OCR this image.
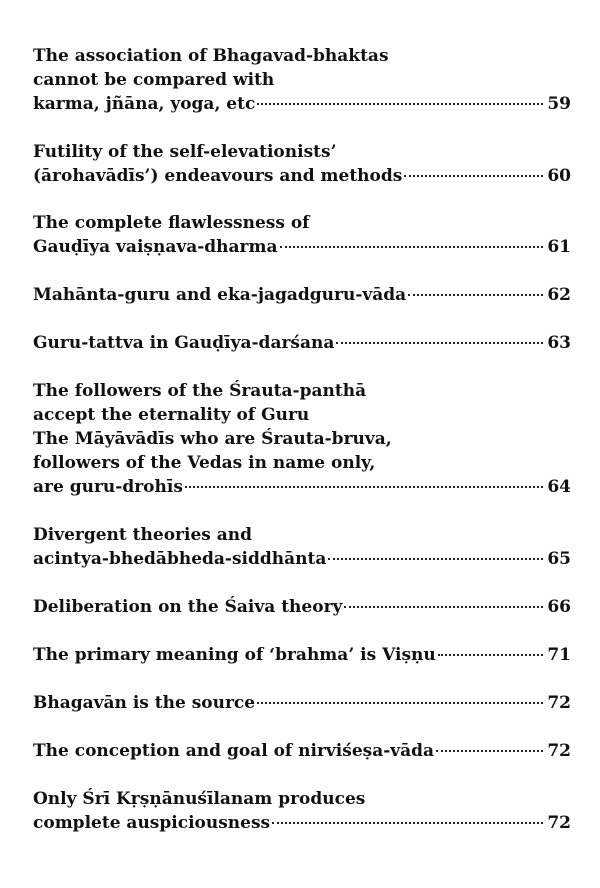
The association of Bhagavad-bhaktas
cannot be compared with
karma, jñāna, yoga, etc	59
Futility of the self-elevationists’
(ārohavādīs’) endeavours and methods	60
The complete flawlessness of
Gauḍīya vaiṣṇava-dharma	61
Mahānta-guru and eka-jagadguru-vāda	62
Guru-tattva in Gauḍīya-darśana	63
The followers of the Śrauta-panthā
accept the eternality of Guru
The Māyāvādīs who are Śrauta-bruva,
followers of the Vedas in name only,
are guru-drohīs	64
Divergent theories and
acintya-bhedābheda-siddhānta	65
Deliberation on the Śaiva theory	66
The primary meaning of ‘brahma’ is Viṣṇu	71
Bhagavān is the source	72
The conception and goal of nirviśeṣa-vāda	72
Only Śrī Kṛṣṇānuśīlanam produces
complete auspiciousness	72
